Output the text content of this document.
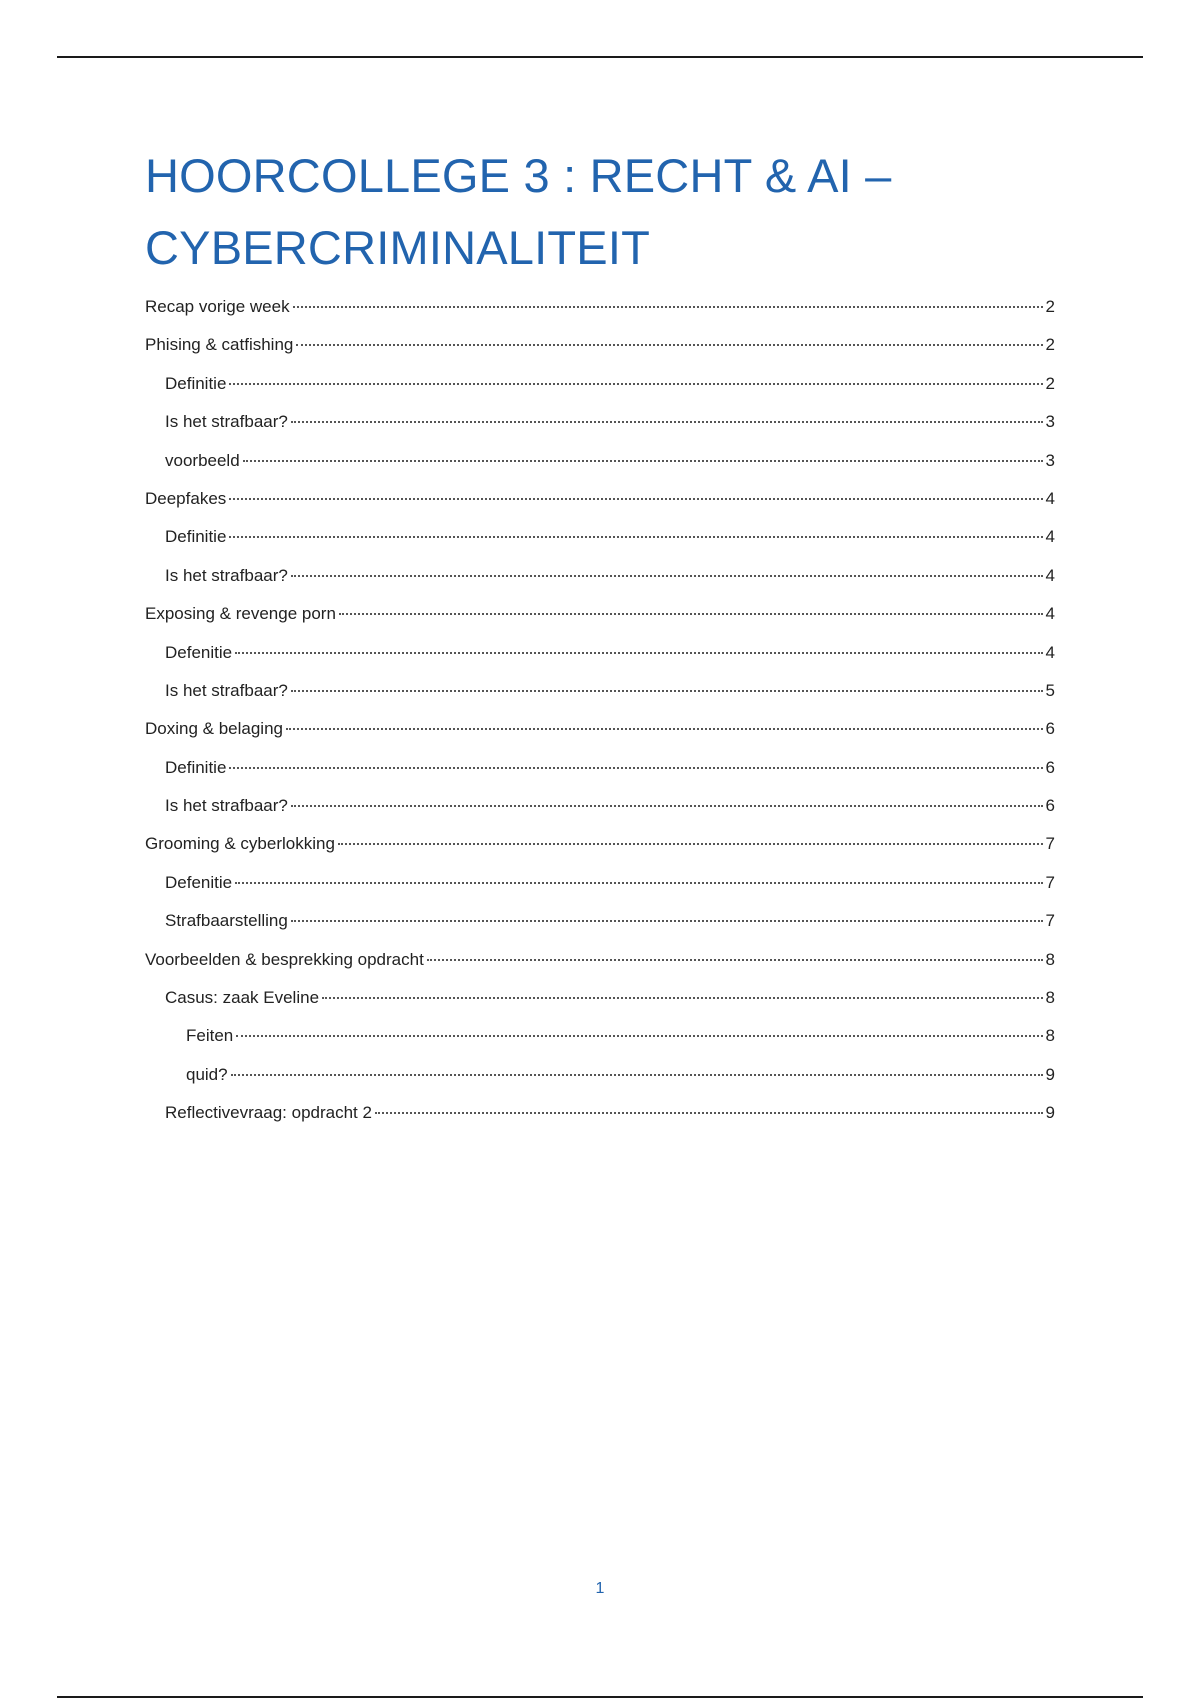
HOORCOLLEGE 3 : RECHT & AI –
CYBERCRIMINALITEIT
Recap vorige week	2
Phising & catfishing	2
Definitie	2
Is het strafbaar?	3
voorbeeld	3
Deepfakes	4
Definitie	4
Is het strafbaar?	4
Exposing & revenge porn	4
Defenitie	4
Is het strafbaar?	5
Doxing & belaging	6
Definitie	6
Is het strafbaar?	6
Grooming & cyberlokking	7
Defenitie	7
Strafbaarstelling	7
Voorbeelden & besprekking opdracht	8
Casus: zaak Eveline	8
Feiten	8
quid?	9
Reflectivevraag: opdracht 2	9
1
